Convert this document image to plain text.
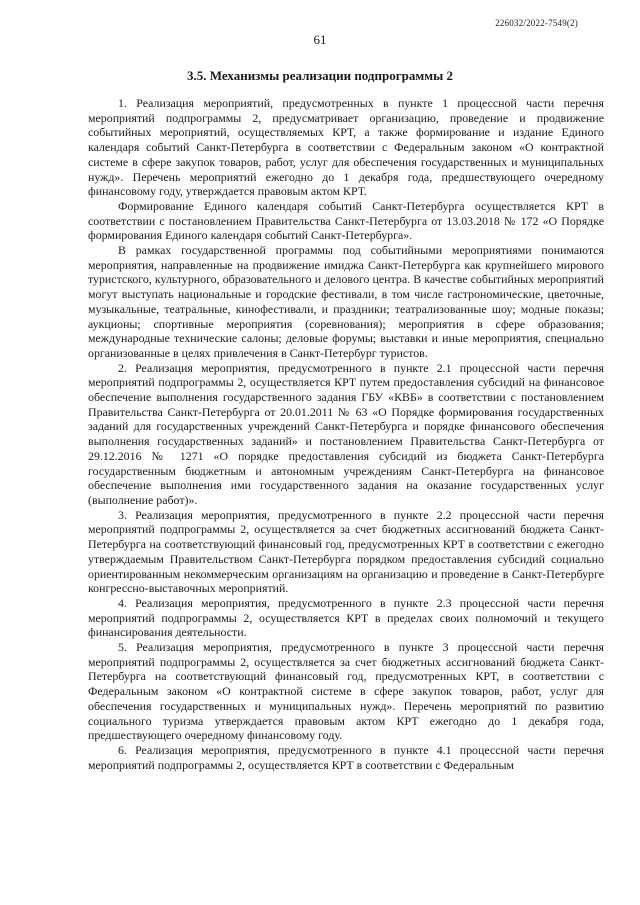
226032/2022-7549(2)
61
3.5. Механизмы реализации подпрограммы 2

1. Реализация мероприятий, предусмотренных в пункте 1 процессной части перечня мероприятий подпрограммы 2, предусматривает организацию, проведение и продвижение событийных мероприятий, осуществляемых КРТ, а также формирование и издание Единого календаря событий Санкт-Петербурга в соответствии с Федеральным законом «О контрактной системе в сфере закупок товаров, работ, услуг для обеспечения государственных и муниципальных нужд». Перечень мероприятий ежегодно до 1 декабря года, предшествующего очередному финансовому году, утверждается правовым актом КРТ.

Формирование Единого календаря событий Санкт-Петербурга осуществляется КРТ в соответствии с постановлением Правительства Санкт-Петербурга от 13.03.2018 № 172 «О Порядке формирования Единого календаря событий Санкт-Петербурга».

В рамках государственной программы под событийными мероприятиями понимаются мероприятия, направленные на продвижение имиджа Санкт-Петербурга как крупнейшего мирового туристского, культурного, образовательного и делового центра. В качестве событийных мероприятий могут выступать национальные и городские фестивали, в том числе гастрономические, цветочные, музыкальные, театральные, кинофестивали, и праздники; театрализованные шоу; модные показы; аукционы; спортивные мероприятия (соревнования); мероприятия в сфере образования; международные технические салоны; деловые форумы; выставки и иные мероприятия, специально организованные в целях привлечения в Санкт-Петербург туристов.

2. Реализация мероприятия, предусмотренного в пункте 2.1 процессной части перечня мероприятий подпрограммы 2, осуществляется КРТ путем предоставления субсидий на финансовое обеспечение выполнения государственного задания ГБУ «КВБ» в соответствии с постановлением Правительства Санкт-Петербурга от 20.01.2011 № 63 «О Порядке формирования государственных заданий для государственных учреждений Санкт-Петербурга и порядке финансового обеспечения выполнения государственных заданий» и постановлением Правительства Санкт-Петербурга от 29.12.2016 № 1271 «О порядке предоставления субсидий из бюджета Санкт-Петербурга государственным бюджетным и автономным учреждениям Санкт-Петербурга на финансовое обеспечение выполнения ими государственного задания на оказание государственных услуг (выполнение работ)».

3. Реализация мероприятия, предусмотренного в пункте 2.2 процессной части перечня мероприятий подпрограммы 2, осуществляется за счет бюджетных ассигнований бюджета Санкт-Петербурга на соответствующий финансовый год, предусмотренных КРТ в соответствии с ежегодно утверждаемым Правительством Санкт-Петербурга порядком предоставления субсидий социально ориентированным некоммерческим организациям на организацию и проведение в Санкт-Петербурге конгрессно-выставочных мероприятий.

4. Реализация мероприятия, предусмотренного в пункте 2.3 процессной части перечня мероприятий подпрограммы 2, осуществляется КРТ в пределах своих полномочий и текущего финансирования деятельности.

5. Реализация мероприятия, предусмотренного в пункте 3 процессной части перечня мероприятий подпрограммы 2, осуществляется за счет бюджетных ассигнований бюджета Санкт-Петербурга на соответствующий финансовый год, предусмотренных КРТ, в соответствии с Федеральным законом «О контрактной системе в сфере закупок товаров, работ, услуг для обеспечения государственных и муниципальных нужд». Перечень мероприятий по развитию социального туризма утверждается правовым актом КРТ ежегодно до 1 декабря года, предшествующего очередному финансовому году.

6. Реализация мероприятия, предусмотренного в пункте 4.1 процессной части перечня мероприятий подпрограммы 2, осуществляется КРТ в соответствии с Федеральным
